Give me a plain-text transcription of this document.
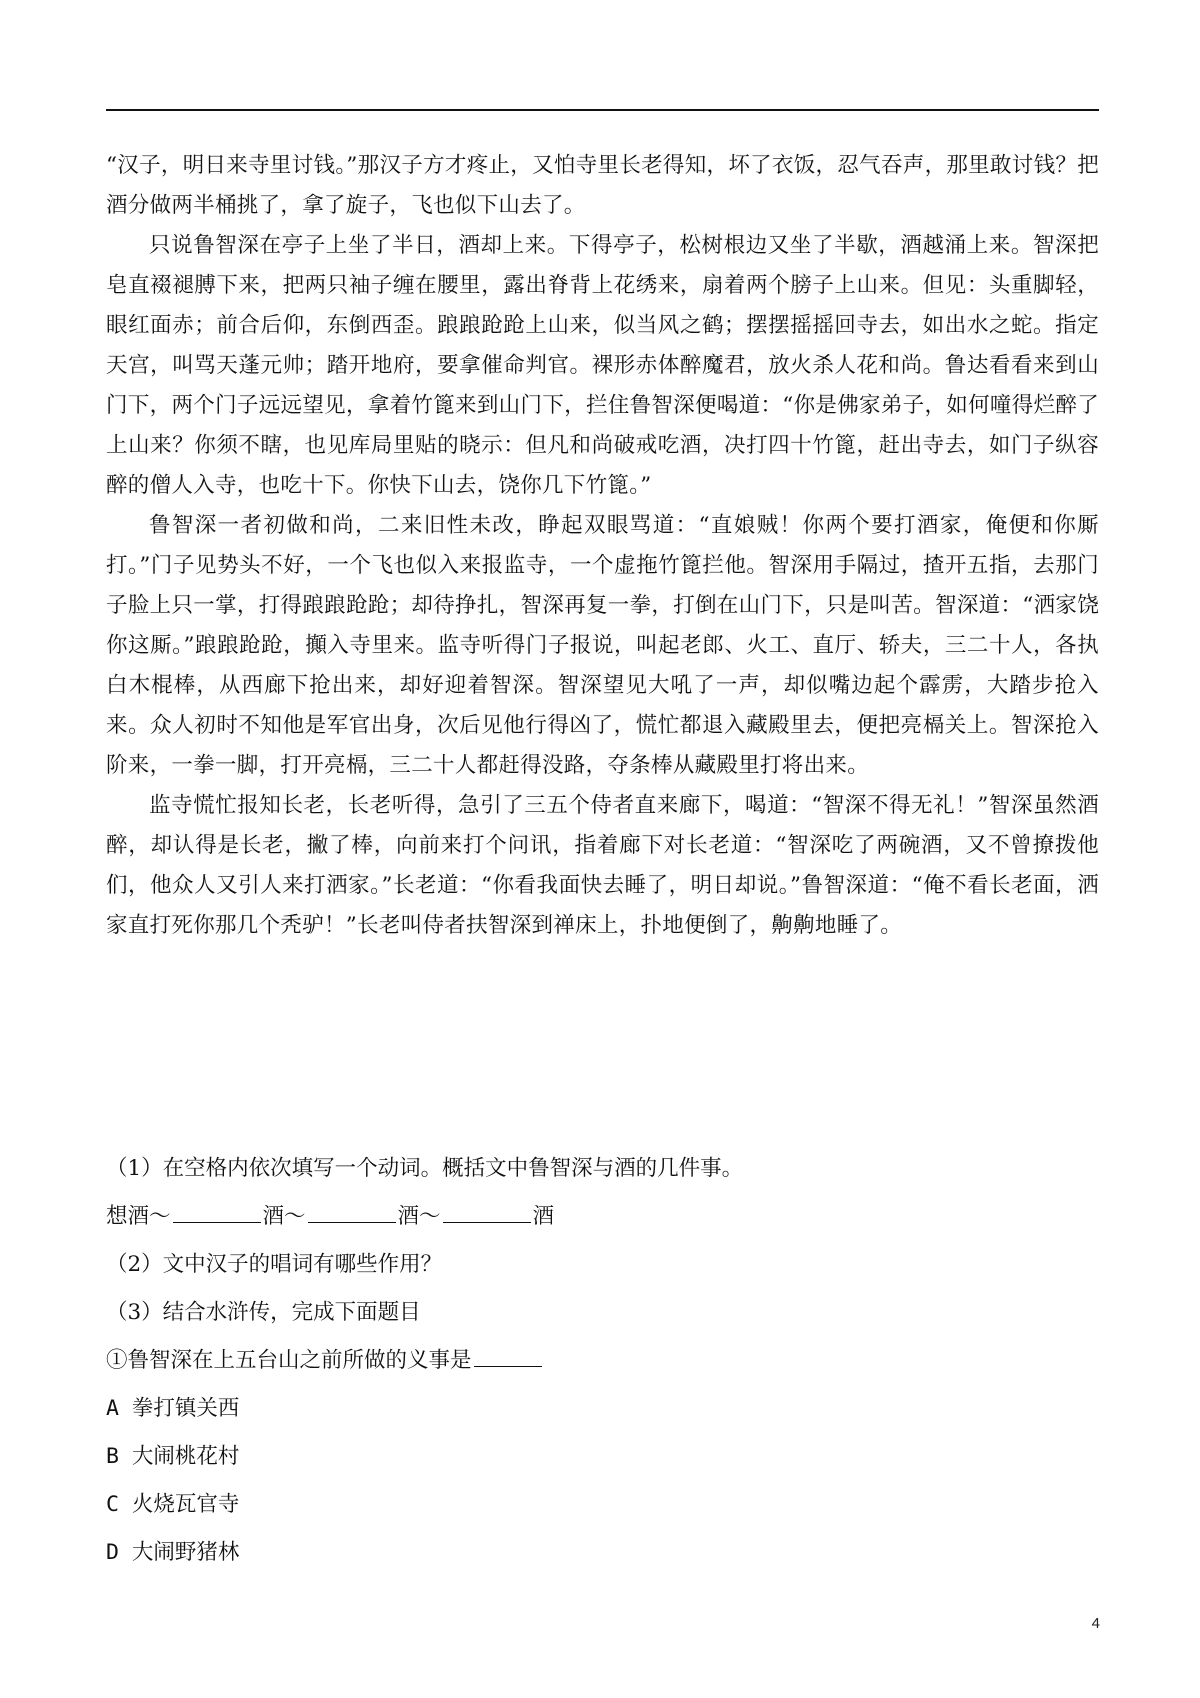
“汉子，明日来寺里讨钱。”那汉子方才疼止，又怕寺里长老得知，坏了衣饭，忍气吞声，那里敢讨钱？把酒分做两半桶挑了，拿了旋子，飞也似下山去了。

只说鲁智深在亭子上坐了半日，酒却上来。下得亭子，松树根边又坐了半歇，酒越涌上来。智深把皂直裰褪膊下来，把两只袖子缠在腰里，露出脊背上花绣来，扇着两个膀子上山来。但见：头重脚轻，眼红面赤；前合后仰，东倒西歪。踉踉跄跄上山来，似当风之鹤；摆摆摇摇回寺去，如出水之蛇。指定天宫，叫骂天蓬元帅；踏开地府，要拿催命判官。裸形赤体醉魔君，放火杀人花和尚。鲁达看看来到山门下，两个门子远远望见，拿着竹篦来到山门下，拦住鲁智深便喝道：“你是佛家弟子，如何噇得烂醉了上山来？你须不瞎，也见库局里贴的晓示：但凡和尚破戒吃酒，决打四十竹篦，赶出寺去，如门子纵容醉的僧人入寺，也吃十下。你快下山去，饶你几下竹篦。”

鲁智深一者初做和尚，二来旧性未改，睁起双眼骂道：“直娘贼！你两个要打酒家，俺便和你厮打。”门子见势头不好，一个飞也似入来报监寺，一个虚拖竹篦拦他。智深用手隔过，揸开五指，去那门子脸上只一掌，打得踉踉跄跄；却待挣扎，智深再复一拳，打倒在山门下，只是叫苦。智深道：“洒家饶你这厮。”踉踉跄跄，攧入寺里来。监寺听得门子报说，叫起老郎、火工、直厅、轿夫，三二十人，各执白木棍棒，从西廊下抢出来，却好迎着智深。智深望见大吼了一声，却似嘴边起个霹雳，大踏步抢入来。众人初时不知他是军官出身，次后见他行得凶了，慌忙都退入藏殿里去，便把亮槅关上。智深抢入阶来，一拳一脚，打开亮槅，三二十人都赶得没路，夺条棒从藏殿里打将出来。

监寺慌忙报知长老，长老听得，急引了三五个侍者直来廊下，喝道：“智深不得无礼！”智深虽然酒醉，却认得是长老，撇了棒，向前来打个问讯，指着廊下对长老道：“智深吃了两碗酒，又不曾撩拨他们，他众人又引人来打洒家。”长老道：“你看我面快去睡了，明日却说。”鲁智深道：“俺不看长老面，洒家直打死你那几个秃驴！”长老叫侍者扶智深到禅床上，扑地便倒了，齁齁地睡了。

（1）在空格内依次填写一个动词。概括文中鲁智深与酒的几件事。

想酒～	酒～	酒～	酒

（2）文中汉子的唱词有哪些作用？

（3）结合水浒传，完成下面题目

①鲁智深在上五台山之前所做的义事是

A 拳打镇关西

B 大闹桃花村

C 火烧瓦官寺

D 大闹野猪林

4
